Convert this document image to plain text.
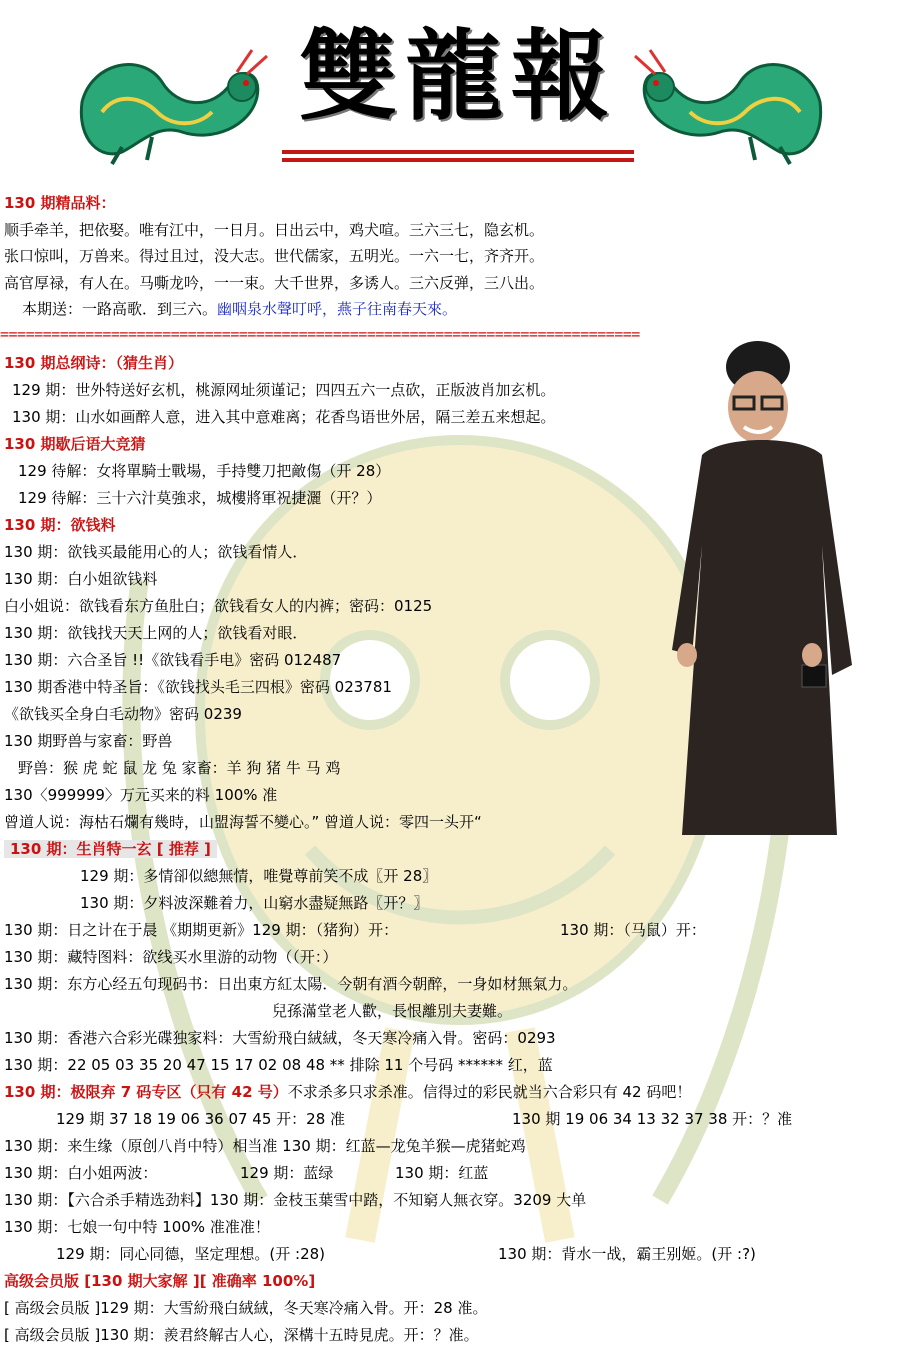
雙龍報
130 期精品料：
顺手牵羊，把依娶。唯有江中，一日月。日出云中，鸡犬喧。三六三七，隐玄机。
张口惊叫，万兽来。得过且过，没大志。世代儒家，五明光。一六一七，齐齐开。
高官厚禄，有人在。马嘶龙吟，一一束。大千世界，多诱人。三六反弹，三八出。
本期送：一路高歌．到三六。幽咽泉水聲叮呼，燕子往南春天來。
===========================================================================
130 期总纲诗：（猜生肖）
129 期：世外特送好玄机，桃源网址须谨记；四四五六一点砍，正版波肖加玄机。
130 期：山水如画醉人意，进入其中意难离；花香鸟语世外居，隔三差五来想起。
130 期歇后语大竞猜
129 待解：女将單騎士戰場，手持雙刀把敵傷（开 28）
129 待解：三十六汁莫強求，城樓將軍祝捷灑（开？）
130 期：欲钱料
130 期：欲钱买最能用心的人；欲钱看情人．
130 期：白小姐欲钱料
白小姐说：欲钱看东方鱼肚白；欲钱看女人的内裤；密码：0125
130 期：欲钱找天天上网的人；欲钱看对眼．
130 期：六合圣旨 !!《欲钱看手电》密码 012487
130 期香港中特圣旨：《欲钱找头毛三四根》密码 023781
《欲钱买全身白毛动物》密码 0239
130 期野兽与家畜：野兽
野兽：猴 虎 蛇 鼠 龙 兔 家畜：羊 狗 猪 牛 马 鸡
130〈999999〉万元买来的料 100% 准
曾道人说：海枯石爛有幾時，山盟海誓不變心。” 曾道人说：零四一头开“
130 期：生肖特一玄 [ 推荐 ]
129 期：多情卻似總無情，唯覺尊前笑不成〖开 28〗
130 期：夕料波深難着力，山窮水盡疑無路〖开？〗
130 期：日之计在于晨 《期期更新》129 期：（猪狗）开：	130 期：（马鼠）开：
130 期：藏特图料：欲线买水里游的动物（（开：）
130 期：东方心经五句现码书：日出東方紅太陽．今朝有酒今朝醉，一身如材無氣力。
兒孫滿堂老人歡，長恨離別夫妻難。
130 期：香港六合彩光碟独家料：大雪紛飛白絨絨，冬天寒冷痛入骨。密码：0293
130 期：22 05 03 35 20 47 15 17 02 08 48 ** 排除 11 个号码 ****** 红，蓝
130 期：极限弃 7 码专区（只有 42 号）不求杀多只求杀准。信得过的彩民就当六合彩只有 42 码吧！
129 期 37 18 19 06 36 07 45 开：28 准	130 期 19 06 34 13 32 37 38 开：？准
130 期：来生缘（原创八肖中特）相当准 130 期：红蓝—龙兔羊猴—虎猪蛇鸡
130 期：白小姐两波：	129 期：蓝绿	130 期：红蓝
130 期：【六合杀手精选劲料】130 期：金枝玉葉雪中踏，不知窮人無衣穿。3209 大单
130 期：七娘一句中特 100% 准准准！
129 期：同心同德，坚定理想。(开 :28)	130 期：背水一战，霸王别姬。(开 :?)
高级会员版 [130 期大家解 ][ 准确率 100%]
[ 高级会员版 ]129 期：大雪紛飛白絨絨，冬天寒冷痛入骨。开：28 准。
[ 高级会员版 ]130 期：羨君終解古人心，深構十五時見虎。开：？准。
